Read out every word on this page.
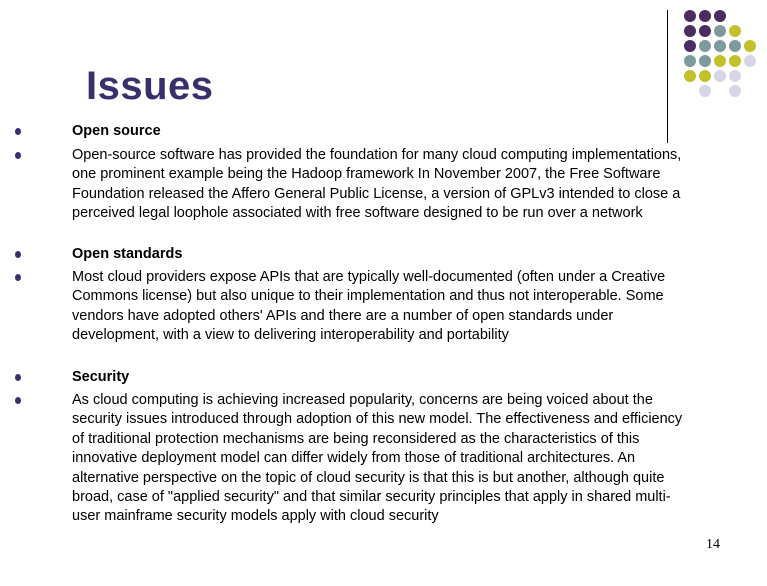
Issues
Open source
Open-source software has provided the foundation for many cloud computing implementations, one prominent example being the Hadoop framework In November 2007, the Free Software Foundation released the Affero General Public License, a version of GPLv3 intended to close a perceived legal loophole associated with free software designed to be run over a network
Open standards
Most cloud providers expose APIs that are typically well-documented (often under a Creative Commons license) but also unique to their implementation and thus not interoperable. Some vendors have adopted others' APIs and there are a number of open standards under development, with a view to delivering interoperability and portability
Security
As cloud computing is achieving increased popularity, concerns are being voiced about the security issues introduced through adoption of this new model. The effectiveness and efficiency of traditional protection mechanisms are being reconsidered as the characteristics of this innovative deployment model can differ widely from those of traditional architectures. An alternative perspective on the topic of cloud security is that this is but another, although quite broad, case of "applied security" and that similar security principles that apply in shared multi-user mainframe security models apply with cloud security
14
